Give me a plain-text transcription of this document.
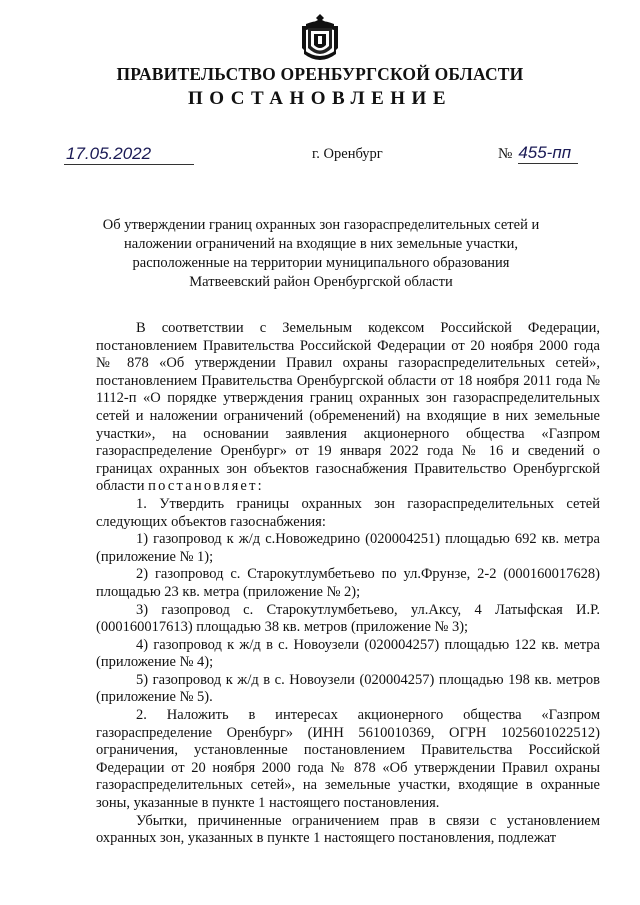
ПРАВИТЕЛЬСТВО ОРЕНБУРГСКОЙ ОБЛАСТИ
ПОСТАНОВЛЕНИЕ
17.05.2022	г. Оренбург	№ 455-пп
Об утверждении границ охранных зон газораспределительных сетей и
наложении ограничений на входящие в них земельные участки,
расположенные на территории муниципального образования
Матвеевский район Оренбургской области

В соответствии с Земельным кодексом Российской Федерации, постановлением Правительства Российской Федерации от 20 ноября 2000 года № 878 «Об утверждении Правил охраны газораспределительных сетей», постановлением Правительства Оренбургской области от 18 ноября 2011 года № 1112-п «О порядке утверждения границ охранных зон газораспределительных сетей и наложении ограничений (обременений) на входящие в них земельные участки», на основании заявления акционерного общества «Газпром газораспределение Оренбург» от 19 января 2022 года № 16 и сведений о границах охранных зон объектов газоснабжения Правительство Оренбургской области постановляет:

1. Утвердить границы охранных зон газораспределительных сетей следующих объектов газоснабжения:

1) газопровод к ж/д с.Новожедрино (020004251) площадью 692 кв. метра (приложение № 1);

2) газопровод с. Старокутлумбетьево по ул.Фрунзе, 2-2 (000160017628) площадью 23 кв. метра (приложение № 2);

3) газопровод с. Старокутлумбетьево, ул.Аксу, 4 Латыфская И.Р. (000160017613) площадью 38 кв. метров (приложение № 3);

4) газопровод к ж/д в с. Новоузели (020004257) площадью 122 кв. метра (приложение № 4);

5) газопровод к ж/д в с. Новоузели (020004257) площадью 198 кв. метров (приложение № 5).

2. Наложить в интересах акционерного общества «Газпром газораспределение Оренбург» (ИНН 5610010369, ОГРН 1025601022512) ограничения, установленные постановлением Правительства Российской Федерации от 20 ноября 2000 года № 878 «Об утверждении Правил охраны газораспределительных сетей», на земельные участки, входящие в охранные зоны, указанные в пункте 1 настоящего постановления.

Убытки, причиненные ограничением прав в связи с установлением охранных зон, указанных в пункте 1 настоящего постановления, подлежат
